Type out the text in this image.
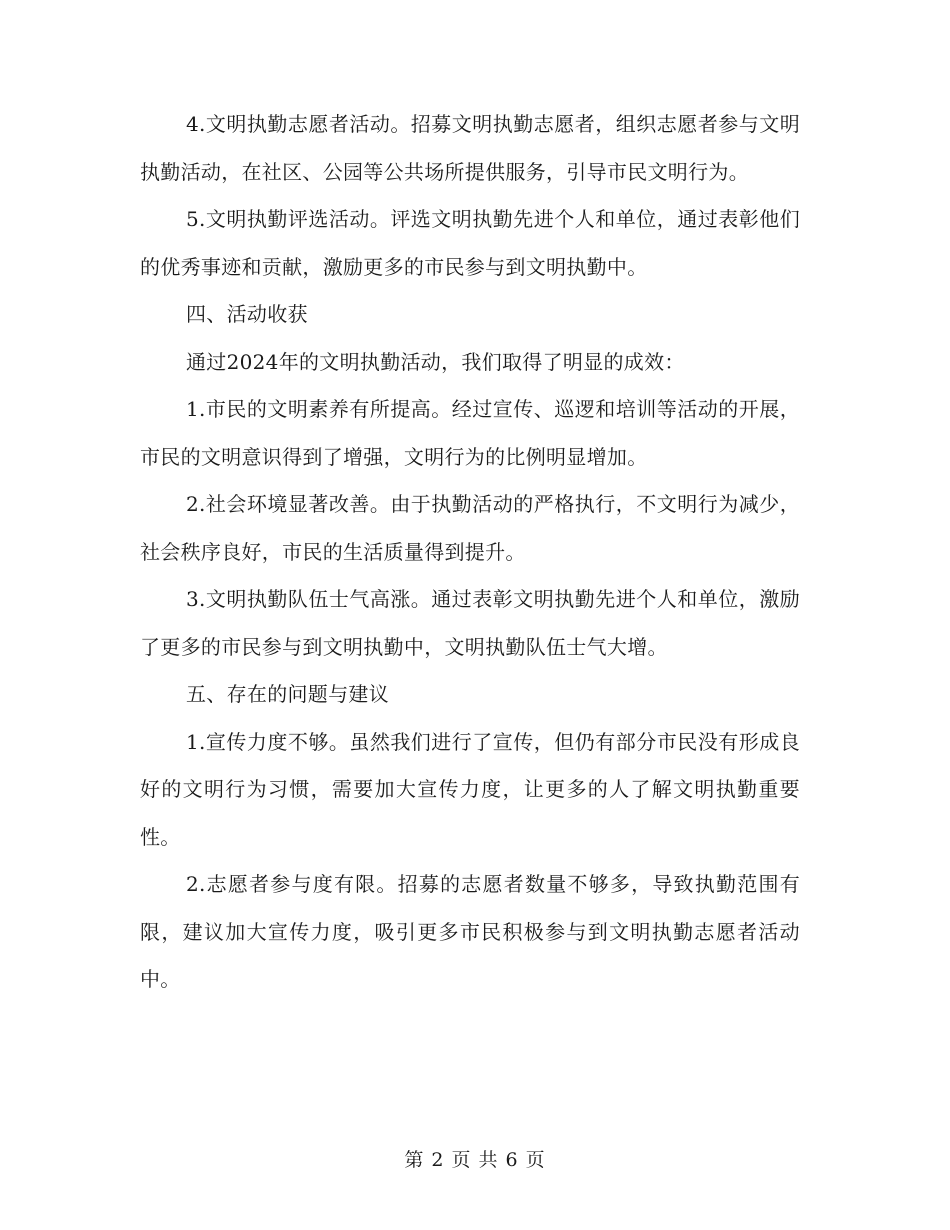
4.文明执勤志愿者活动。招募文明执勤志愿者，组织志愿者参与文明执勤活动，在社区、公园等公共场所提供服务，引导市民文明行为。

5.文明执勤评选活动。评选文明执勤先进个人和单位，通过表彰他们的优秀事迹和贡献，激励更多的市民参与到文明执勤中。

四、活动收获

通过2024年的文明执勤活动，我们取得了明显的成效：

1.市民的文明素养有所提高。经过宣传、巡逻和培训等活动的开展，市民的文明意识得到了增强，文明行为的比例明显增加。

2.社会环境显著改善。由于执勤活动的严格执行，不文明行为减少，社会秩序良好，市民的生活质量得到提升。

3.文明执勤队伍士气高涨。通过表彰文明执勤先进个人和单位，激励了更多的市民参与到文明执勤中，文明执勤队伍士气大增。

五、存在的问题与建议

1.宣传力度不够。虽然我们进行了宣传，但仍有部分市民没有形成良好的文明行为习惯，需要加大宣传力度，让更多的人了解文明执勤重要性。

2.志愿者参与度有限。招募的志愿者数量不够多，导致执勤范围有限，建议加大宣传力度，吸引更多市民积极参与到文明执勤志愿者活动中。

第 2 页 共 6 页
